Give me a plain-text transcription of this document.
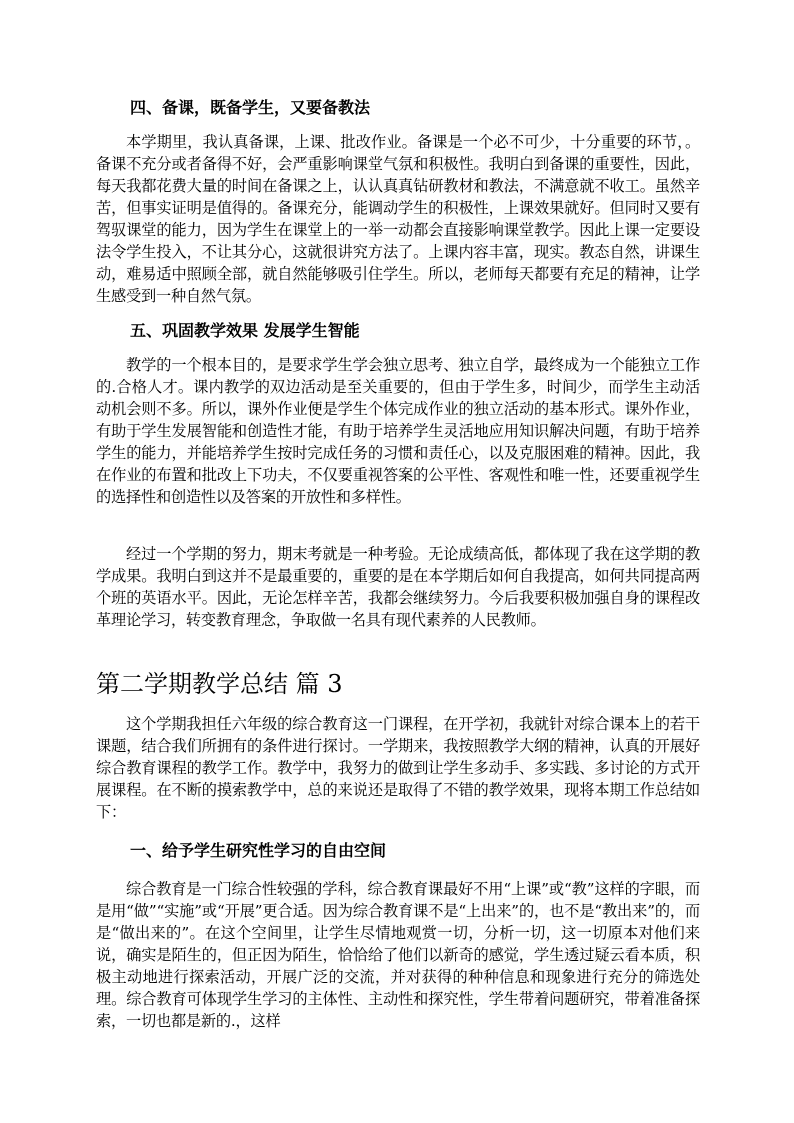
四、备课，既备学生，又要备教法

本学期里，我认真备课，上课、批改作业。备课是一个必不可少，十分重要的环节，。备课不充分或者备得不好，会严重影响课堂气氛和积极性。我明白到备课的重要性，因此，每天我都花费大量的时间在备课之上，认认真真钻研教材和教法，不满意就不收工。虽然辛苦，但事实证明是值得的。备课充分，能调动学生的积极性，上课效果就好。但同时又要有驾驭课堂的能力，因为学生在课堂上的一举一动都会直接影响课堂教学。因此上课一定要设法令学生投入，不让其分心，这就很讲究方法了。上课内容丰富，现实。教态自然，讲课生动，难易适中照顾全部，就自然能够吸引住学生。所以，老师每天都要有充足的精神，让学生感受到一种自然气氛。

五、巩固教学效果 发展学生智能

教学的一个根本目的，是要求学生学会独立思考、独立自学，最终成为一个能独立工作的.合格人才。课内教学的双边活动是至关重要的，但由于学生多，时间少，而学生主动活动机会则不多。所以，课外作业便是学生个体完成作业的独立活动的基本形式。课外作业，有助于学生发展智能和创造性才能，有助于培养学生灵活地应用知识解决问题，有助于培养学生的能力，并能培养学生按时完成任务的习惯和责任心，以及克服困难的精神。因此，我在作业的布置和批改上下功夫，不仅要重视答案的公平性、客观性和唯一性，还要重视学生的选择性和创造性以及答案的开放性和多样性。

经过一个学期的努力，期末考就是一种考验。无论成绩高低，都体现了我在这学期的教学成果。我明白到这并不是最重要的，重要的是在本学期后如何自我提高，如何共同提高两个班的英语水平。因此，无论怎样辛苦，我都会继续努力。今后我要积极加强自身的课程改革理论学习，转变教育理念，争取做一名具有现代素养的人民教师。

第二学期教学总结 篇 3

这个学期我担任六年级的综合教育这一门课程，在开学初，我就针对综合课本上的若干课题，结合我们所拥有的条件进行探讨。一学期来，我按照教学大纲的精神，认真的开展好综合教育课程的教学工作。教学中，我努力的做到让学生多动手、多实践、多讨论的方式开展课程。在不断的摸索教学中，总的来说还是取得了不错的教学效果，现将本期工作总结如下：

一、给予学生研究性学习的自由空间

综合教育是一门综合性较强的学科，综合教育课最好不用“上课”或“教”这样的字眼，而是用“做”“实施”或“开展”更合适。因为综合教育课不是“上出来”的，也不是“教出来”的，而是“做出来的”。在这个空间里，让学生尽情地观赏一切，分析一切，这一切原本对他们来说，确实是陌生的，但正因为陌生，恰恰给了他们以新奇的感觉，学生透过疑云看本质，积极主动地进行探索活动，开展广泛的交流，并对获得的种种信息和现象进行充分的筛选处理。综合教育可体现学生学习的主体性、主动性和探究性，学生带着问题研究，带着准备探索，一切也都是新的.，这样
